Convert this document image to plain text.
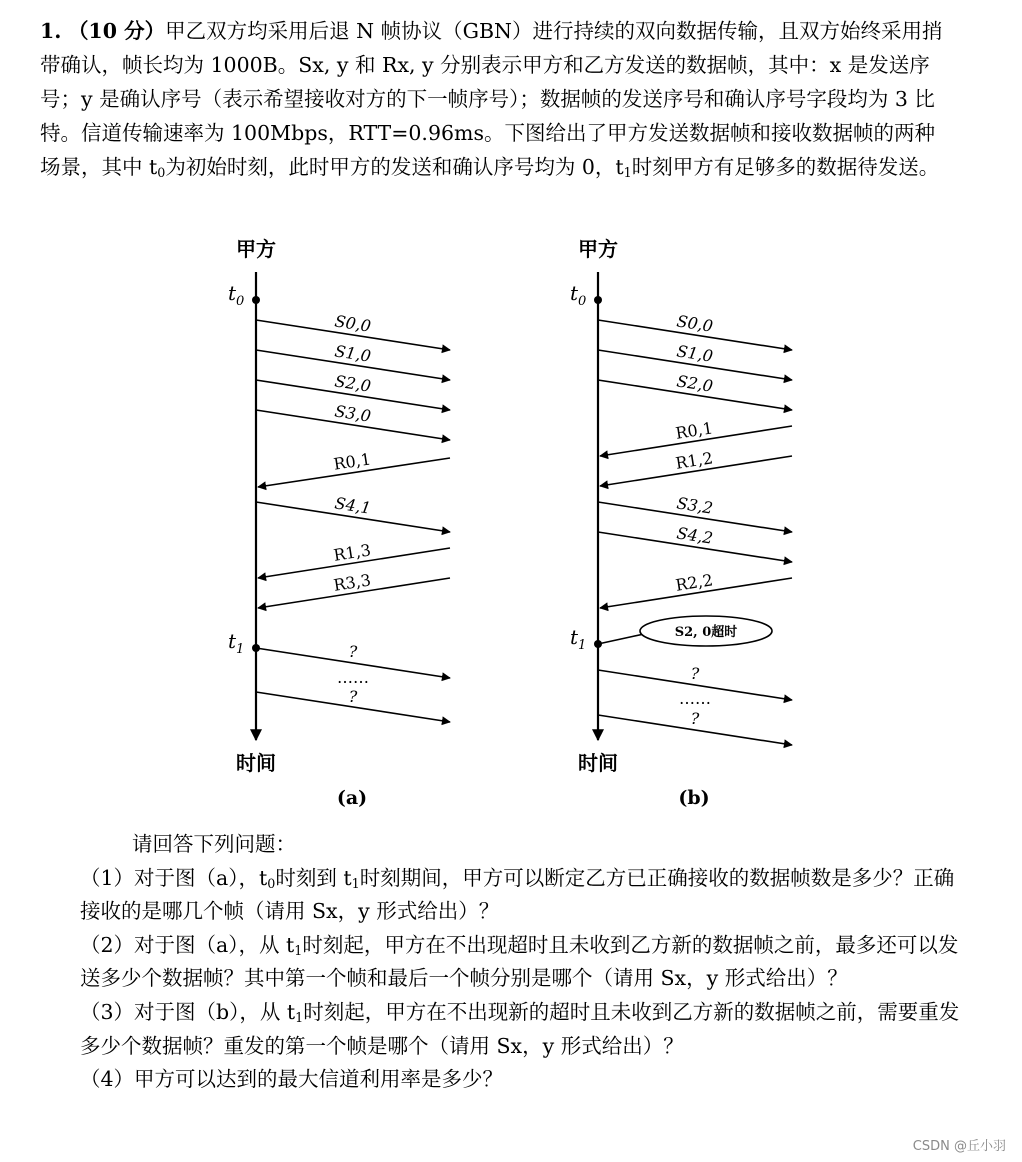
1. （10 分）甲乙双方均采用后退 N 帧协议（GBN）进行持续的双向数据传输，且双方始终采用捎带确认，帧长均为 1000B。Sx, y 和 Rx, y 分别表示甲方和乙方发送的数据帧，其中：x 是发送序号；y 是确认序号（表示希望接收对方的下一帧序号）；数据帧的发送序号和确认序号字段均为 3 比特。信道传输速率为 100Mbps，RTT=0.96ms。下图给出了甲方发送数据帧和接收数据帧的两种场景，其中 $t_0$为初始时刻，此时甲方的发送和确认序号均为 0，$t_1$时刻甲方有足够多的数据待发送。

甲方
$t_0$
$t_1$
时间
(a)
S0,0
S1,0
S2,0
S3,0
S4,1
R0,1
R1,3
R3,3
?
……
?
甲方
$t_0$
$t_1$
时间
(b)
S0,0
S1,0
S2,0
S3,2
S4,2
R0,1
R1,2
R2,2
S2, 0超时
?
……
?

请回答下列问题：

（1）对于图（a），$t_0$时刻到 $t_1$时刻期间，甲方可以断定乙方已正确接收的数据帧数是多少？正确接收的是哪几个帧（请用 Sx，y 形式给出）？

（2）对于图（a），从 $t_1$时刻起，甲方在不出现超时且未收到乙方新的数据帧之前，最多还可以发送多少个数据帧？其中第一个帧和最后一个帧分别是哪个（请用 Sx，y 形式给出）？

（3）对于图（b），从 $t_1$时刻起，甲方在不出现新的超时且未收到乙方新的数据帧之前，需要重发多少个数据帧？重发的第一个帧是哪个（请用 Sx，y 形式给出）？

（4）甲方可以达到的最大信道利用率是多少？

CSDN @丘小羽
